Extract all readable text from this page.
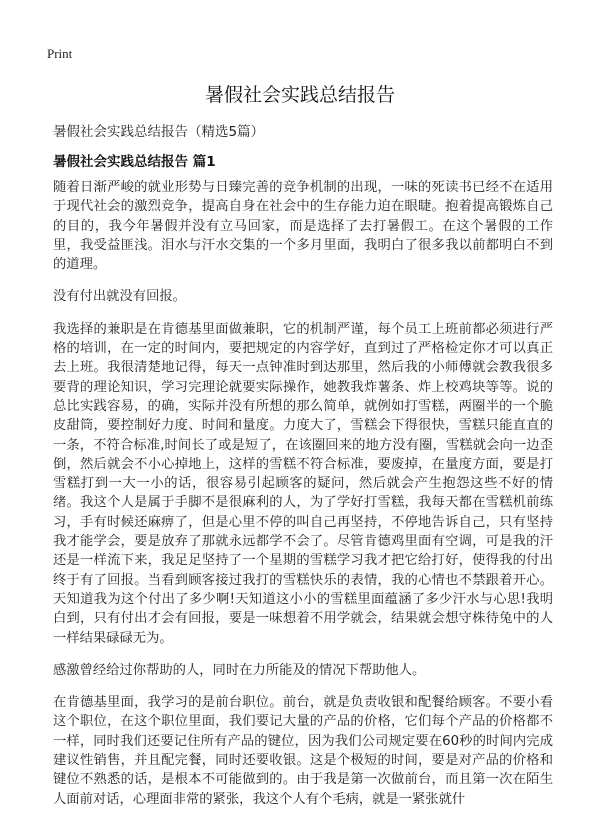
Print
暑假社会实践总结报告
暑假社会实践总结报告（精选5篇）
暑假社会实践总结报告 篇1

随着日渐严峻的就业形势与日臻完善的竞争机制的出现，一味的死读书已经不在适用于现代社会的激烈竞争，提高自身在社会中的生存能力迫在眼睫。抱着提高锻炼自己的目的，我今年暑假并没有立马回家，而是选择了去打暑假工。在这个暑假的工作里，我受益匪浅。泪水与汗水交集的一个多月里面，我明白了很多我以前都明白不到的道理。

没有付出就没有回报。

我选择的兼职是在肯德基里面做兼职，它的机制严谨，每个员工上班前都必须进行严格的培训，在一定的时间内，要把规定的内容学好，直到过了严格检定你才可以真正去上班。我很清楚地记得，每天一点钟准时到达那里，然后我的小师傅就会教我很多要背的理论知识，学习完理论就要实际操作，她教我炸薯条、炸上校鸡块等等。说的总比实践容易，的确，实际并没有所想的那么简单，就例如打雪糕，两圈半的一个脆皮甜筒，要控制好力度、时间和量度。力度大了，雪糕会下得很快，雪糕只能直直的一条，不符合标准,时间长了或是短了，在该圈回来的地方没有圈，雪糕就会向一边歪倒，然后就会不小心掉地上，这样的雪糕不符合标准，要废掉，在量度方面，要是打雪糕打到一大一小的话，很容易引起顾客的疑问，然后就会产生抱怨这些不好的情绪。我这个人是属于手脚不是很麻利的人，为了学好打雪糕，我每天都在雪糕机前练习，手有时候还麻痹了，但是心里不停的叫自己再坚持，不停地告诉自己，只有坚持我才能学会，要是放弃了那就永远都学不会了。尽管肯德鸡里面有空调，可是我的汗还是一样流下来，我足足坚持了一个星期的雪糕学习我才把它给打好，使得我的付出终于有了回报。当看到顾客接过我打的雪糕快乐的表情，我的心情也不禁跟着开心。天知道我为这个付出了多少啊!天知道这小小的雪糕里面蕴涵了多少汗水与心思!我明白到，只有付出才会有回报，要是一味想着不用学就会，结果就会想守株待兔中的人一样结果碌碌无为。

感激曾经给过你帮助的人，同时在力所能及的情况下帮助他人。

在肯德基里面，我学习的是前台职位。前台，就是负责收银和配餐给顾客。不要小看这个职位，在这个职位里面，我们要记大量的产品的价格，它们每个产品的价格都不一样，同时我们还要记住所有产品的键位，因为我们公司规定要在60秒的时间内完成建议性销售，并且配完餐，同时还要收银。这是个极短的时间，要是对产品的价格和键位不熟悉的话，是根本不可能做到的。由于我是第一次做前台，而且第一次在陌生人面前对话，心理面非常的紧张，我这个人有个毛病，就是一紧张就什
